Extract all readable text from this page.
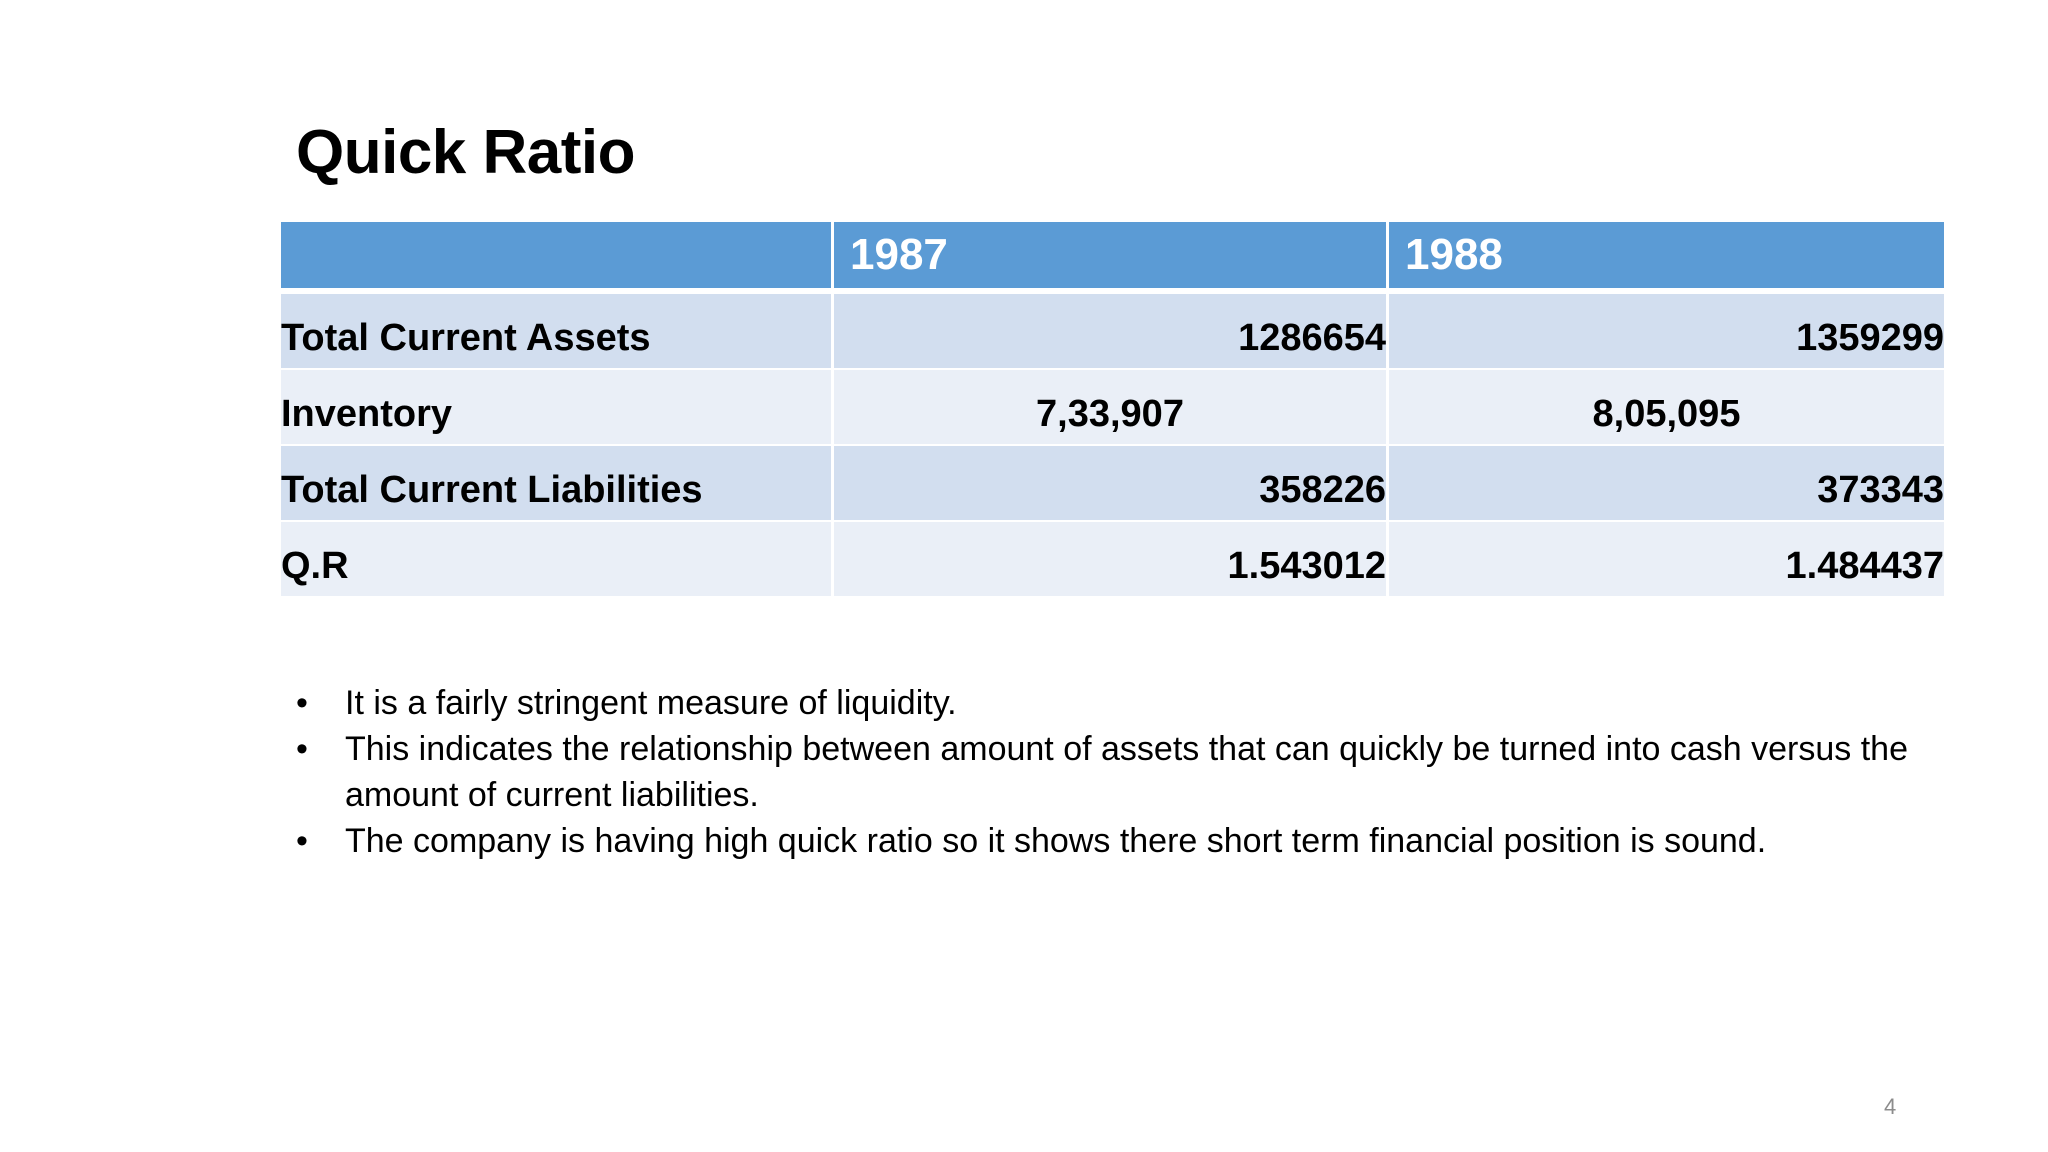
Quick Ratio
	1987	1988
Total Current Assets	1286654	1359299
Inventory	7,33,907	8,05,095
Total Current Liabilities	358226	373343
Q.R	1.543012	1.484437
• It is a fairly stringent measure of liquidity.
• This indicates the relationship between amount of assets that can quickly be turned into cash versus the amount of current liabilities.
• The company is having high quick ratio so it shows there short term financial position is sound.
4
